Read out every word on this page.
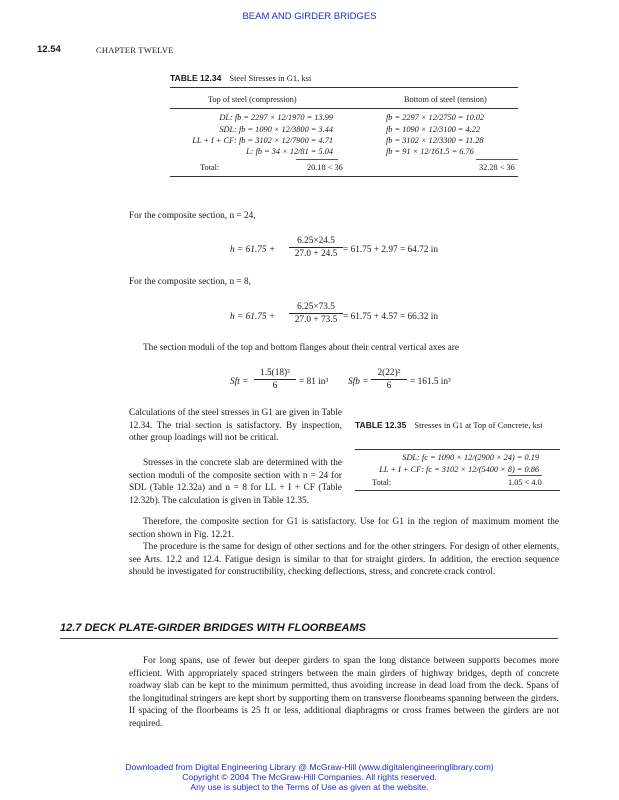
BEAM AND GIRDER BRIDGES
12.54	CHAPTER TWELVE
TABLE 12.34 Steel Stresses in G1, ksi
Top of steel (compression)	Bottom of steel (tension)
DL: fb = 2297 × 12/1970 = 13.99	fb = 2297 × 12/2750 = 10.02
SDL: fb = 1090 × 12/3800 = 3.44	fb = 1090 × 12/3100 = 4.22
LL + I + CF: fb = 3102 × 12/7900 = 4.71	fb = 3102 × 12/3300 = 11.28
L: fb = 34 × 12/81 = 5.04	fb = 91 × 12/161.5 = 6.76
Total:	20.18 < 36	32.28 < 36
For the composite section, n = 24,
h = 61.75 +
6.25×24.5
27.0 + 24.5 = 61.75 + 2.97 = 64.72 in
For the composite section, n = 8,
h = 61.75 +
6.25×73.5
27.0 + 73.5 = 61.75 + 4.57 = 66.32 in
The section moduli of the top and bottom flanges about their central vertical axes are
Sft =
1.5(18)²
6	= 81 in³ Sfb =
2(22)²
6	= 161.5 in³
Calculations of the steel stresses in G1 are given in Table 12.34. The trial section is satisfactory. By inspection, other group loadings will not be critical.
Stresses in the concrete slab are determined with the section moduli of the composite section with n = 24 for SDL (Table 12.32a) and n = 8 for LL + I + CF (Table 12.32b). The calculation is given in Table 12.35.
TABLE 12.35 Stresses in G1 at Top of Concrete, ksi
SDL: fc = 1090 × 12/(2900 × 24) = 0.19
LL + I + CF: fc = 3102 × 12/(5400 × 8) = 0.86
Total:	1.05 < 4.0
Therefore, the composite section for G1 is satisfactory. Use for G1 in the region of maximum moment the section shown in Fig. 12.21.
The procedure is the same for design of other sections and for the other stringers. For design of other elements, see Arts. 12.2 and 12.4. Fatigue design is similar to that for straight girders. In addition, the erection sequence should be investigated for constructibility, checking deflections, stress, and concrete crack control.
12.7 DECK PLATE-GIRDER BRIDGES WITH FLOORBEAMS
For long spans, use of fewer but deeper girders to span the long distance between supports becomes more efficient. With appropriately spaced stringers between the main girders of highway bridges, depth of concrete roadway slab can be kept to the minimum permitted, thus avoiding increase in dead load from the deck. Spans of the longitudinal stringers are kept short by supporting them on transverse floorbeams spanning between the girders. If spacing of the floorbeams is 25 ft or less, additional diaphragms or cross frames between the girders are not required.
Downloaded from Digital Engineering Library @ McGraw-Hill (www.digitalengineeringlibrary.com)
Copyright © 2004 The McGraw-Hill Companies. All rights reserved.
Any use is subject to the Terms of Use as given at the website.
